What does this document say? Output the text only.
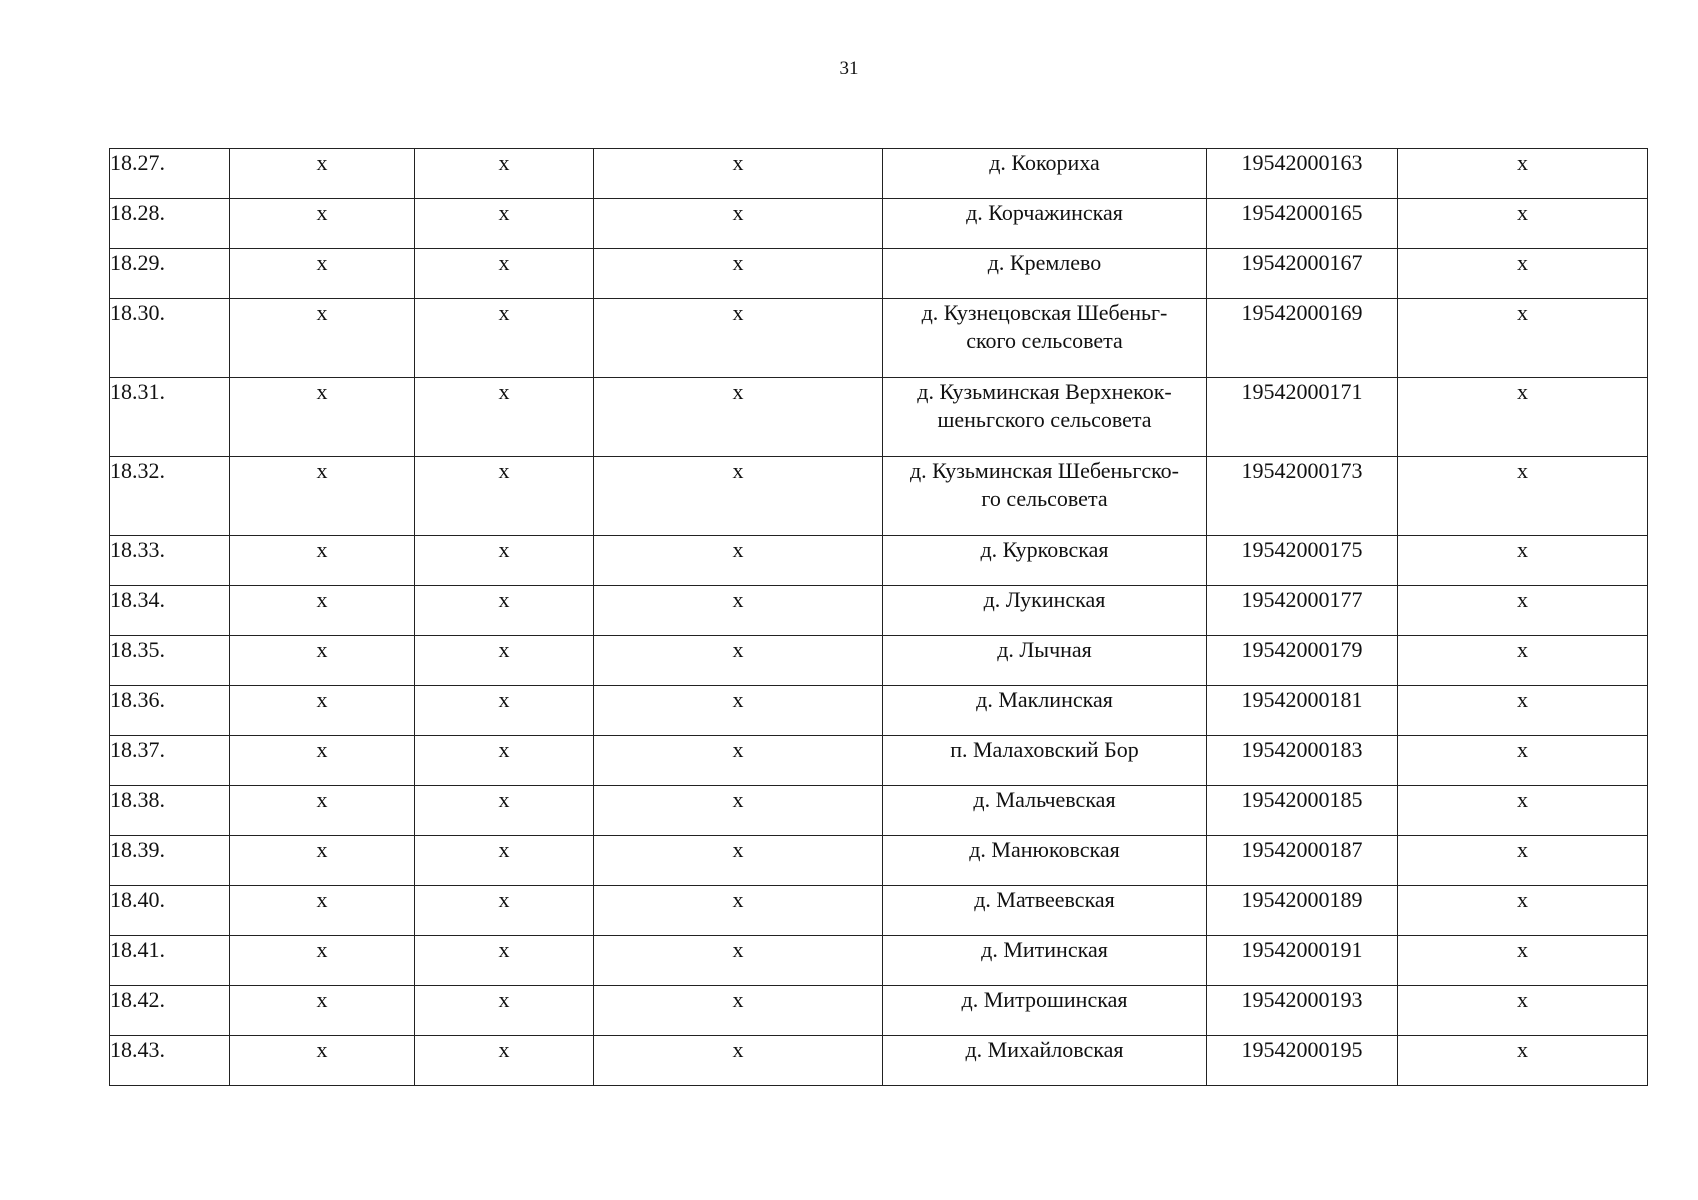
31
18.27.	x	x	x	д. Кокориха	19542000163	x
18.28.	x	x	x	д. Корчажинская	19542000165	x
18.29.	x	x	x	д. Кремлево	19542000167	x
18.30.	x	x	x	д. Кузнецовская Шебеньг-
ского сельсовета	19542000169	x
18.31.	x	x	x	д. Кузьминская Верхнекок-
шеньгского сельсовета	19542000171	x
18.32.	x	x	x	д. Кузьминская Шебеньгско-
го сельсовета	19542000173	x
18.33.	x	x	x	д. Курковская	19542000175	x
18.34.	x	x	x	д. Лукинская	19542000177	x
18.35.	x	x	x	д. Лычная	19542000179	x
18.36.	x	x	x	д. Маклинская	19542000181	x
18.37.	x	x	x	п. Малаховский Бор	19542000183	x
18.38.	x	x	x	д. Мальчевская	19542000185	x
18.39.	x	x	x	д. Манюковская	19542000187	x
18.40.	x	x	x	д. Матвеевская	19542000189	x
18.41.	x	x	x	д. Митинская	19542000191	x
18.42.	x	x	x	д. Митрошинская	19542000193	x
18.43.	x	x	x	д. Михайловская	19542000195	x
